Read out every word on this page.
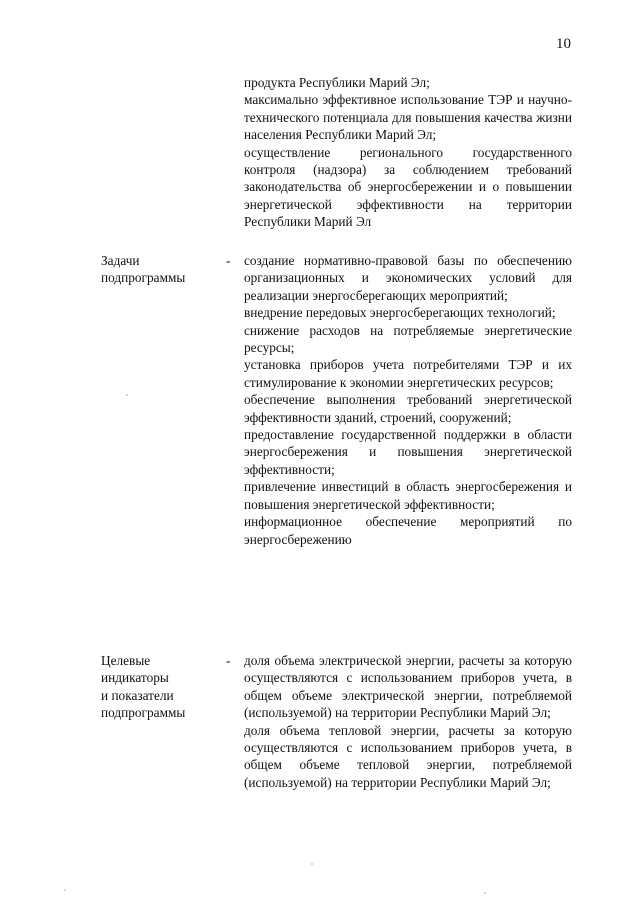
10

продукта Республики Марий Эл;

максимально эффективное использование ТЭР и научно-технического потенциала для повышения качества жизни населения Республики Марий Эл;

осуществление регионального государственного контроля (надзора) за соблюдением требований законодательства об энергосбережении и о повышении энергетической эффективности на территории Республики Марий Эл

Задачи

подпрограммы

- создание нормативно-правовой базы по обеспечению организационных и экономических условий для реализации энергосберегающих мероприятий;

внедрение передовых энергосберегающих технологий;

снижение расходов на потребляемые энергетические ресурсы;

установка приборов учета потребителями ТЭР и их стимулирование к экономии энергетических ресурсов;

обеспечение выполнения требований энергетической эффективности зданий, строений, сооружений;

предоставление государственной поддержки в области энергосбережения и повышения энергетической эффективности;

привлечение инвестиций в область энергосбережения и повышения энергетической эффективности;

информационное обеспечение мероприятий по энергосбережению

Целевые

индикаторы

и показатели

подпрограммы

- доля объема электрической энергии, расчеты за которую осуществляются с использованием приборов учета, в общем объеме электрической энергии, потребляемой (используемой) на территории Республики Марий Эл;

доля объема тепловой энергии, расчеты за которую осуществляются с использованием приборов учета, в общем объеме тепловой энергии, потребляемой (используемой) на территории Республики Марий Эл;
